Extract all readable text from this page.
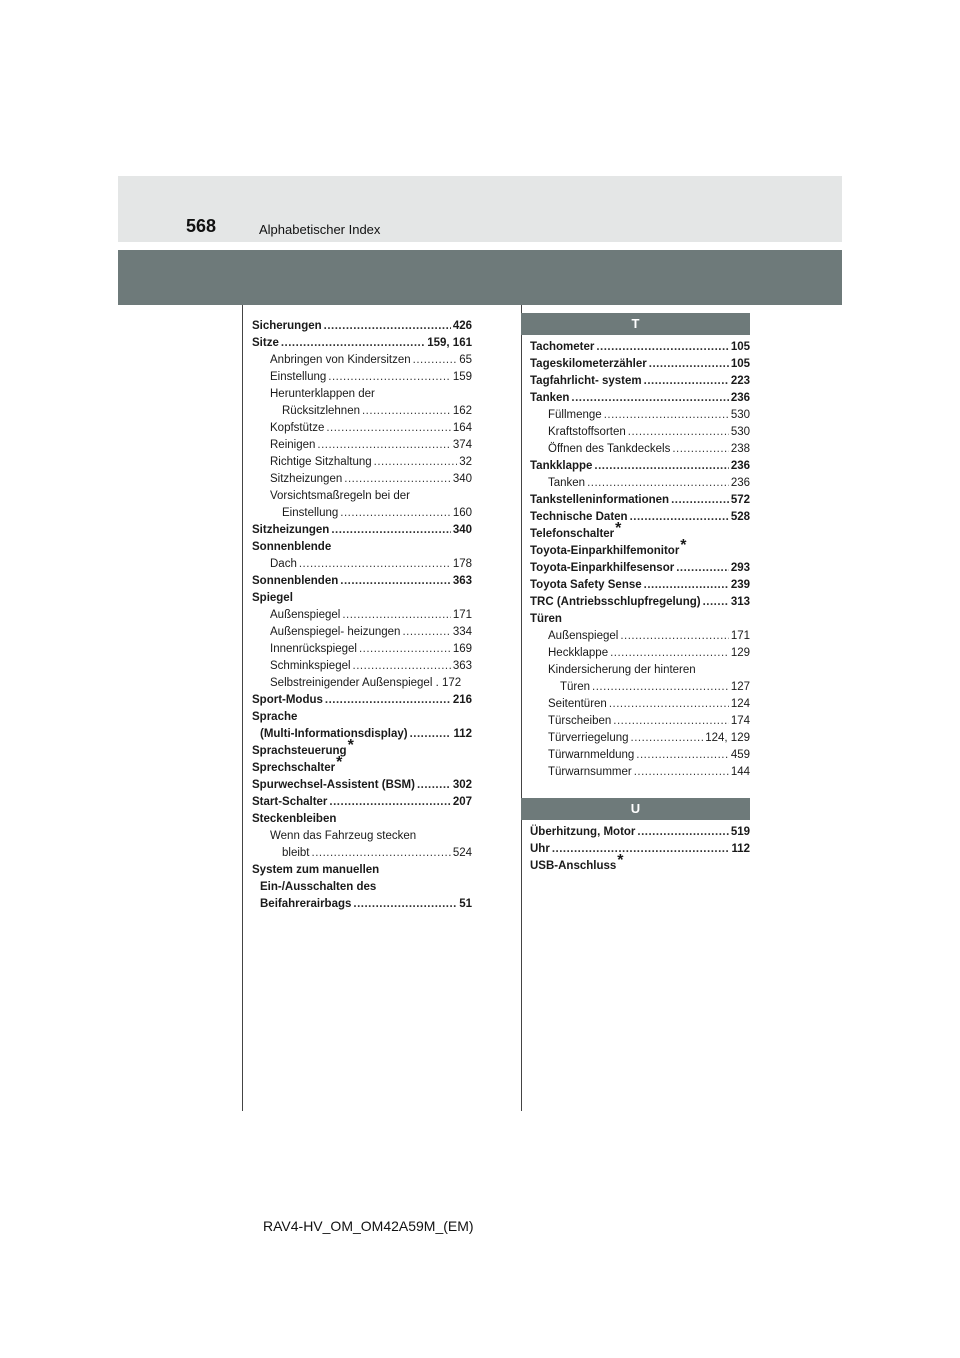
568	Alphabetischer Index
Sicherungen .....	426
Sitze .....	159, 161
Anbringen von Kindersitzen .....	65
Einstellung .....	159
Herunterklappen der
Rücksitzlehnen .....	162
Kopfstütze .....	164
Reinigen .....	374
Richtige Sitzhaltung .....	32
Sitzheizungen .....	340
Vorsichtsmaßregeln bei der
Einstellung .....	160
Sitzheizungen .....	340
Sonnenblende
Dach .....	178
Sonnenblenden .....	363
Spiegel
Außenspiegel .....	171
Außenspiegel- heizungen .....	334
Innenrückspiegel .....	169
Schminkspiegel .....	363
Selbstreinigender Außenspiegel . 172
Sport-Modus .....	216
Sprache
(Multi-Informationsdisplay) .....	112
Sprachsteuerung*
Sprechschalter*
Spurwechsel-Assistent (BSM) .....	302
Start-Schalter .....	207
Steckenbleiben
Wenn das Fahrzeug stecken
bleibt .....	524
System zum manuellen
Ein-/Ausschalten des
Beifahrerairbags .....	51
T
Tachometer .....	105
Tageskilometerzähler .....	105
Tagfahrlicht- system .....	223
Tanken .....	236
Füllmenge .....	530
Kraftstoffsorten .....	530
Öffnen des Tankdeckels .....	238
Tankklappe .....	236
Tanken .....	236
Tankstelleninformationen .....	572
Technische Daten .....	528
Telefonschalter*
Toyota-Einparkhilfemonitor*
Toyota-Einparkhilfesensor .....	293
Toyota Safety Sense .....	239
TRC (Antriebsschlupfregelung) .....	313
Türen
Außenspiegel .....	171
Heckklappe .....	129
Kindersicherung der hinteren
Türen .....	127
Seitentüren .....	124
Türscheiben .....	174
Türverriegelung .....	124, 129
Türwarnmeldung .....	459
Türwarnsummer .....	144
U
Überhitzung, Motor .....	519
Uhr .....	112
USB-Anschluss*
RAV4-HV_OM_OM42A59M_(EM)
